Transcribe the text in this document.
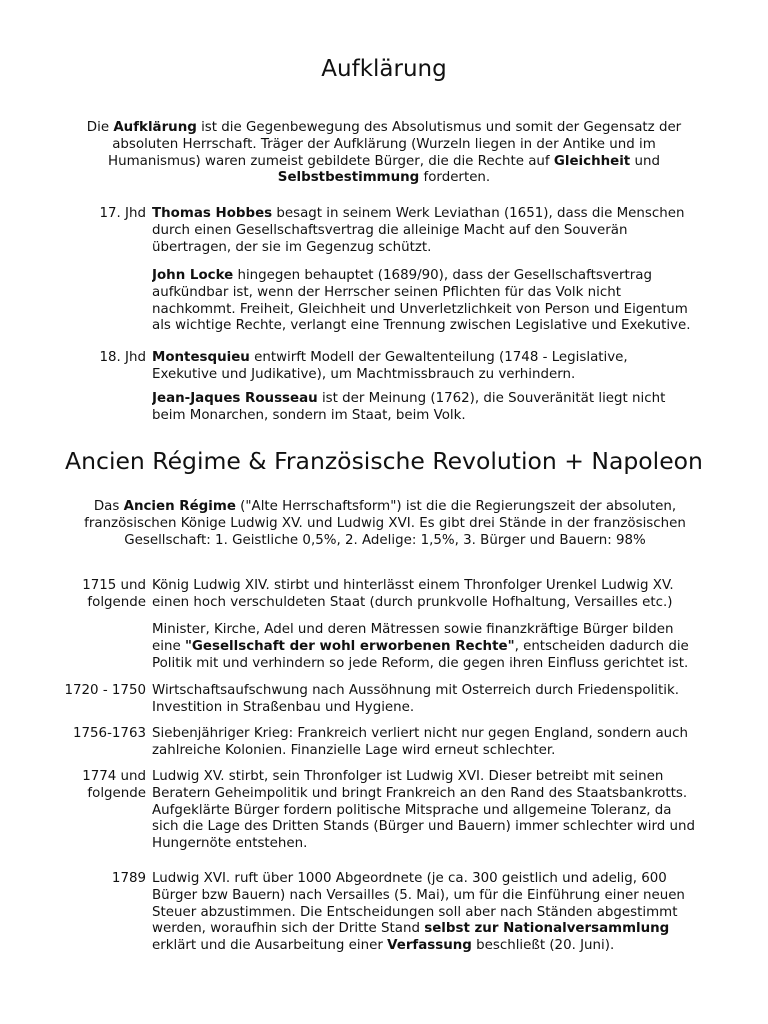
Aufklärung
Die Aufklärung ist die Gegenbewegung des Absolutismus und somit der Gegensatz der absoluten Herrschaft. Träger der Aufklärung (Wurzeln liegen in der Antike und im Humanismus) waren zumeist gebildete Bürger, die die Rechte auf Gleichheit und Selbstbestimmung forderten.
17. Jhd Thomas Hobbes besagt in seinem Werk Leviathan (1651), dass die Menschen durch einen Gesellschaftsvertrag die alleinige Macht auf den Souverän übertragen, der sie im Gegenzug schützt.
John Locke hingegen behauptet (1689/90), dass der Gesellschaftsvertrag aufkündbar ist, wenn der Herrscher seinen Pflichten für das Volk nicht nachkommt. Freiheit, Gleichheit und Unverletzlichkeit von Person und Eigentum als wichtige Rechte, verlangt eine Trennung zwischen Legislative und Exekutive.
18. Jhd Montesquieu entwirft Modell der Gewaltenteilung (1748 - Legislative, Exekutive und Judikative), um Machtmissbrauch zu verhindern.
Jean-Jaques Rousseau ist der Meinung (1762), die Souveränität liegt nicht beim Monarchen, sondern im Staat, beim Volk.
Ancien Régime & Französische Revolution + Napoleon
Das Ancien Régime ("Alte Herrschaftsform") ist die die Regierungszeit der absoluten, französischen Könige Ludwig XV. und Ludwig XVI. Es gibt drei Stände in der französischen Gesellschaft: 1. Geistliche 0,5%, 2. Adelige: 1,5%, 3. Bürger und Bauern: 98%
1715 und folgende
König Ludwig XIV. stirbt und hinterlässt einem Thronfolger Urenkel Ludwig XV. einen hoch verschuldeten Staat (durch prunkvolle Hofhaltung, Versailles etc.)
Minister, Kirche, Adel und deren Mätressen sowie finanzkräftige Bürger bilden eine "Gesellschaft der wohl erworbenen Rechte", entscheiden dadurch die Politik mit und verhindern so jede Reform, die gegen ihren Einfluss gerichtet ist.
1720 - 1750 Wirtschaftsaufschwung nach Aussöhnung mit Österreich durch Friedenspolitik. Investition in Straßenbau und Hygiene.
1756-1763 Siebenjähriger Krieg: Frankreich verliert nicht nur gegen England, sondern auch zahlreiche Kolonien. Finanzielle Lage wird erneut schlechter.
1774 und folgende
Ludwig XV. stirbt, sein Thronfolger ist Ludwig XVI. Dieser betreibt mit seinen Beratern Geheimpolitik und bringt Frankreich an den Rand des Staatsbankrotts. Aufgeklärte Bürger fordern politische Mitsprache und allgemeine Toleranz, da sich die Lage des Dritten Stands (Bürger und Bauern) immer schlechter wird und Hungernöte entstehen.
1789 Ludwig XVI. ruft über 1000 Abgeordnete (je ca. 300 geistlich und adelig, 600 Bürger bzw Bauern) nach Versailles (5. Mai), um für die Einführung einer neuen Steuer abzustimmen. Die Entscheidungen soll aber nach Ständen abgestimmt werden, woraufhin sich der Dritte Stand selbst zur Nationalversammlung erklärt und die Ausarbeitung einer Verfassung beschließt (20. Juni).
